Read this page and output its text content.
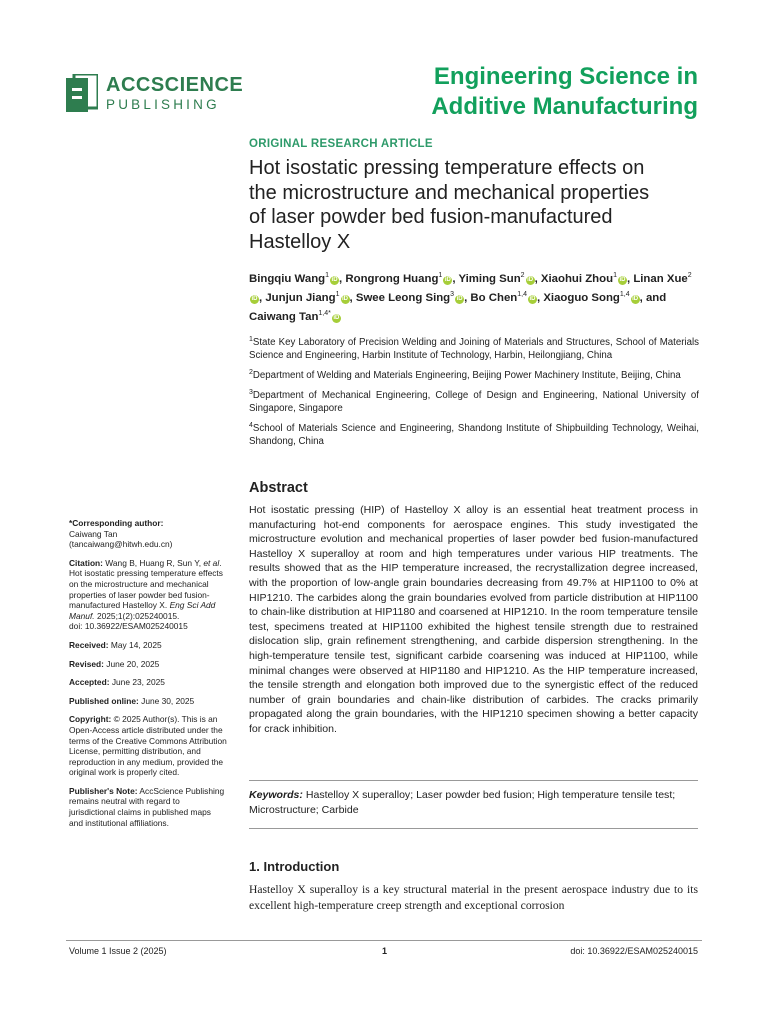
ACCSCIENCE
PUBLISHING
Engineering Science in
Additive Manufacturing
ORIGINAL RESEARCH ARTICLE
Hot isostatic pressing temperature effects on
the microstructure and mechanical properties
of laser powder bed fusion-manufactured
Hastelloy X
Bingqiu Wang$^1$iD , Rongrong Huang$^1$iD , Yiming Sun$^2$iD , Xiaohui Zhou$^1$iD , Linan Xue$^2$iD , Junjun Jiang$^1$iD , Swee Leong Sing$^3$iD , Bo Chen$^{1,4}$iD , Xiaoguo Song$^{1,4}$iD , and Caiwang Tan$^{1,4*}$iD
$^1$State Key Laboratory of Precision Welding and Joining of Materials and Structures, School of Materials Science and Engineering, Harbin Institute of Technology, Harbin, Heilongjiang, China
$^2$Department of Welding and Materials Engineering, Beijing Power Machinery Institute, Beijing, China
$^3$Department of Mechanical Engineering, College of Design and Engineering, National University of Singapore, Singapore
$^4$School of Materials Science and Engineering, Shandong Institute of Shipbuilding Technology, Weihai, Shandong, China
Abstract
Hot isostatic pressing (HIP) of Hastelloy X alloy is an essential heat treatment process in manufacturing hot-end components for aerospace engines. This study investigated the microstructure evolution and mechanical properties of laser powder bed fusion-manufactured Hastelloy X superalloy at room and high temperatures under various HIP treatments. The results showed that as the HIP temperature increased, the recrystallization degree increased, with the proportion of low-angle grain boundaries decreasing from 49.7% at HIP1100 to 0% at HIP1210. The carbides along the grain boundaries evolved from particle distribution at HIP1100 to chain-like distribution at HIP1180 and coarsened at HIP1210. In the room temperature tensile test, specimens treated at HIP1100 exhibited the highest tensile strength due to restrained dislocation slip, grain refinement strengthening, and carbide dispersion strengthening. In the high-temperature tensile test, significant carbide coarsening was induced at HIP1100, while minimal changes were observed at HIP1180 and HIP1210. As the HIP temperature increased, the tensile strength and elongation both improved due to the synergistic effect of the reduced number of grain boundaries and chain-like distribution of carbides. The cracks primarily propagated along the grain boundaries, with the HIP1210 specimen showing a better capacity for crack inhibition.
Keywords: Hastelloy X superalloy; Laser powder bed fusion; High temperature tensile test; Microstructure; Carbide
1. Introduction
Hastelloy X superalloy is a key structural material in the present aerospace industry due to its excellent high-temperature creep strength and exceptional corrosion
*Corresponding author:
Caiwang Tan
(tancaiwang@hitwh.edu.cn)
Citation: Wang B, Huang R, Sun Y, et al. Hot isostatic pressing temperature effects on the microstructure and mechanical properties of laser powder bed fusion-manufactured Hastelloy X. Eng Sci Add Manuf. 2025;1(2):025240015.
doi: 10.36922/ESAM025240015
Received: May 14, 2025
Revised: June 20, 2025
Accepted: June 23, 2025
Published online: June 30, 2025
Copyright: © 2025 Author(s). This is an Open-Access article distributed under the terms of the Creative Commons Attribution License, permitting distribution, and reproduction in any medium, provided the original work is properly cited.
Publisher's Note: AccScience Publishing remains neutral with regard to jurisdictional claims in published maps and institutional affiliations.
Volume 1 Issue 2 (2025)	1	doi: 10.36922/ESAM025240015
